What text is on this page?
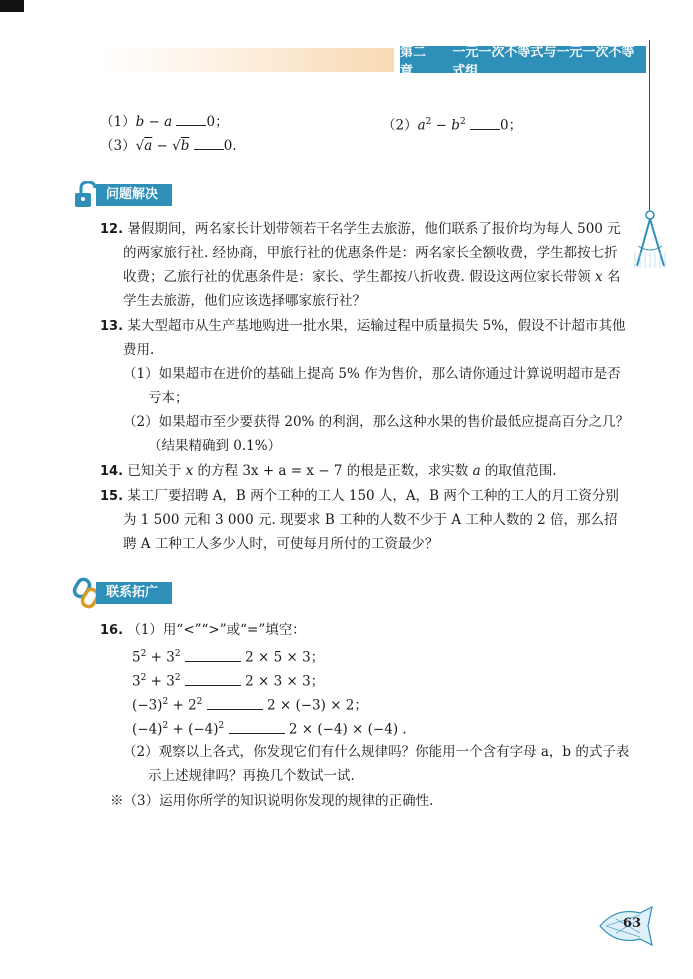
第二章
一元一次不等式与一元一次不等式组
（1）b − a	0；	$(2)a^2 - b^2$	0；
（3）√a − √b	0.
问题解决
12. 暑假期间，两名家长计划带领若干名学生去旅游，他们联系了报价均为每人 500 元
的两家旅行社. 经协商，甲旅行社的优惠条件是：两名家长全额收费，学生都按七折
收费；乙旅行社的优惠条件是：家长、学生都按八折收费. 假设这两位家长带领 x 名
学生去旅游，他们应该选择哪家旅行社？
13. 某大型超市从生产基地购进一批水果，运输过程中质量损失 5%，假设不计超市其他
费用.
（1）如果超市在进价的基础上提高 5% 作为售价，那么请你通过计算说明超市是否
亏本；
（2）如果超市至少要获得 20% 的利润，那么这种水果的售价最低应提高百分之几？
（结果精确到 0.1%）
14. 已知关于 x 的方程 3x + a = x − 7 的根是正数，求实数 a 的取值范围.
15. 某工厂要招聘 A，B 两个工种的工人 150 人，A，B 两个工种的工人的月工资分别
为 1 500 元和 3 000 元. 现要求 B 工种的人数不少于 A 工种人数的 2 倍，那么招
聘 A 工种工人多少人时，可使每月所付的工资最少？
联系拓广
16. （1）用“<”“>”或“=”填空：
$5^2 + 3^2$	2 × 5 × 3；
$3^2 + 3^2$	2 × 3 × 3；
$(-3)^2 + 2^2$	2 × (−3) × 2；
$(-4)^2 + (-4)^2$	2 × (−4) × (−4) .
（2）观察以上各式，你发现它们有什么规律吗？你能用一个含有字母 a，b 的式子表
示上述规律吗？再换几个数试一试.
※（3）运用你所学的知识说明你发现的规律的正确性.
63
